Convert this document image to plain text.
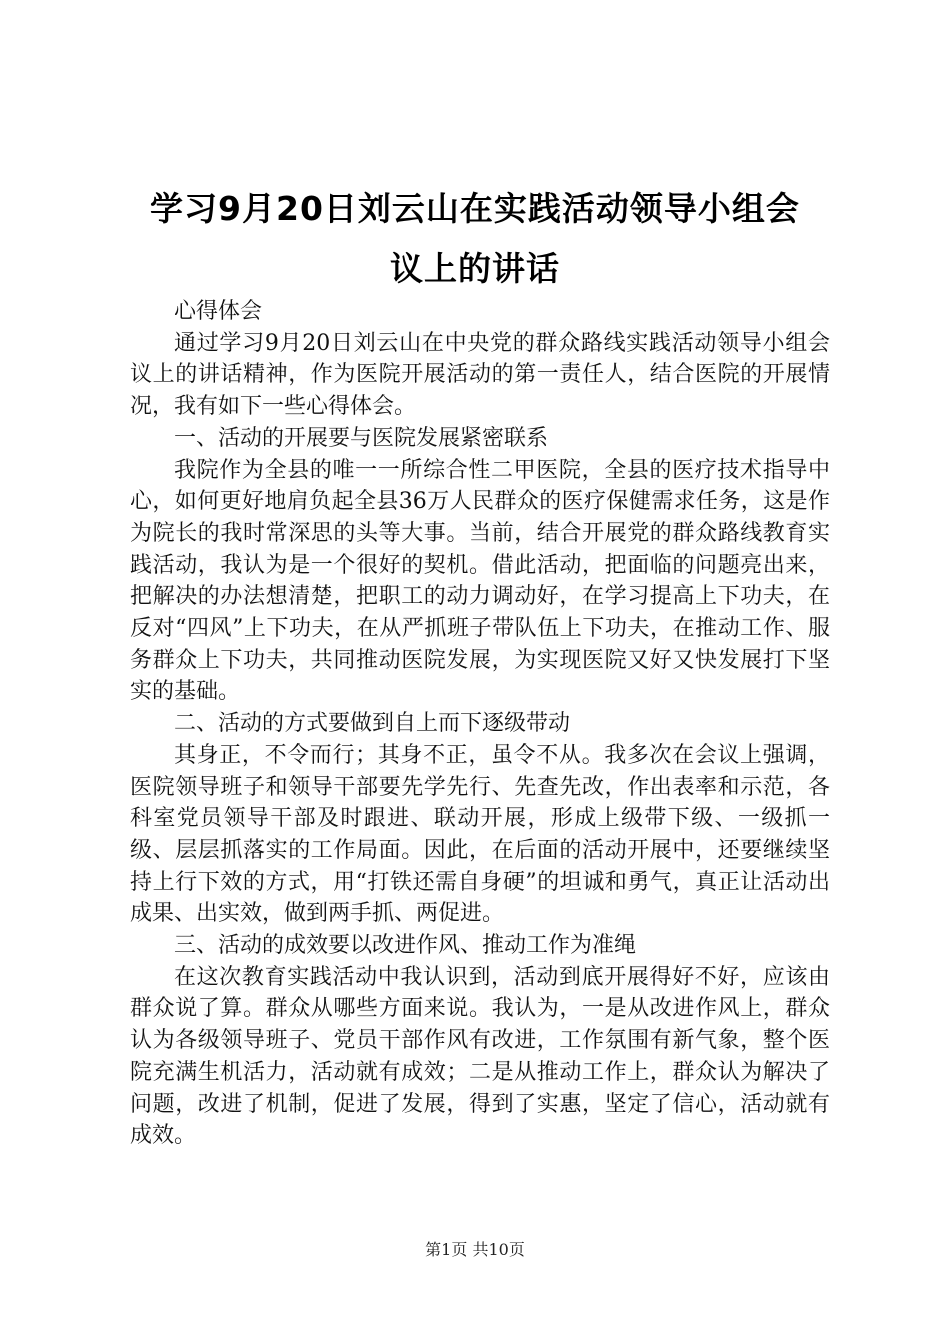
学习9月20日刘云山在实践活动领导小组会
议上的讲话

心得体会

通过学习9月20日刘云山在中央党的群众路线实践活动领导小组会议上的讲话精神，作为医院开展活动的第一责任人，结合医院的开展情况，我有如下一些心得体会。

一、活动的开展要与医院发展紧密联系

我院作为全县的唯一一所综合性二甲医院，全县的医疗技术指导中心，如何更好地肩负起全县36万人民群众的医疗保健需求任务，这是作为院长的我时常深思的头等大事。当前，结合开展党的群众路线教育实践活动，我认为是一个很好的契机。借此活动，把面临的问题亮出来，把解决的办法想清楚，把职工的动力调动好，在学习提高上下功夫，在反对“四风”上下功夫，在从严抓班子带队伍上下功夫，在推动工作、服务群众上下功夫，共同推动医院发展，为实现医院又好又快发展打下坚实的基础。

二、活动的方式要做到自上而下逐级带动

其身正，不令而行；其身不正，虽令不从。我多次在会议上强调，医院领导班子和领导干部要先学先行、先查先改，作出表率和示范，各科室党员领导干部及时跟进、联动开展，形成上级带下级、一级抓一级、层层抓落实的工作局面。因此，在后面的活动开展中，还要继续坚持上行下效的方式，用“打铁还需自身硬”的坦诚和勇气，真正让活动出成果、出实效，做到两手抓、两促进。

三、活动的成效要以改进作风、推动工作为准绳

在这次教育实践活动中我认识到，活动到底开展得好不好，应该由群众说了算。群众从哪些方面来说。我认为，一是从改进作风上，群众认为各级领导班子、党员干部作风有改进，工作氛围有新气象，整个医院充满生机活力，活动就有成效；二是从推动工作上，群众认为解决了问题，改进了机制，促进了发展，得到了实惠，坚定了信心，活动就有成效。

第1页 共10页
